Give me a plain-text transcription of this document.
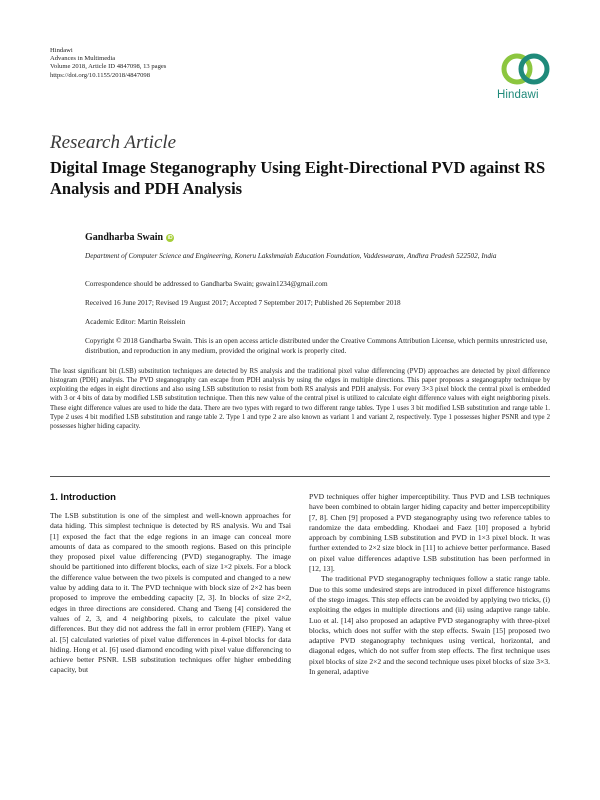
Hindawi
Advances in Multimedia
Volume 2018, Article ID 4847098, 13 pages
https://doi.org/10.1155/2018/4847098
Hindawi
Research Article
Digital Image Steganography Using Eight-Directional PVD against RS Analysis and PDH Analysis
Gandharba Swain iD
Department of Computer Science and Engineering, Koneru Lakshmaiah Education Foundation, Vaddeswaram, Andhra Pradesh 522502, India
Correspondence should be addressed to Gandharba Swain; gswain1234@gmail.com
Received 16 June 2017; Revised 19 August 2017; Accepted 7 September 2017; Published 26 September 2018
Academic Editor: Martin Reisslein
Copyright © 2018 Gandharba Swain. This is an open access article distributed under the Creative Commons Attribution License, which permits unrestricted use, distribution, and reproduction in any medium, provided the original work is properly cited.
The least significant bit (LSB) substitution techniques are detected by RS analysis and the traditional pixel value differencing (PVD) approaches are detected by pixel difference histogram (PDH) analysis. The PVD steganography can escape from PDH analysis by using the edges in multiple directions. This paper proposes a steganography technique by exploiting the edges in eight directions and also using LSB substitution to resist from both RS analysis and PDH analysis. For every 3×3 pixel block the central pixel is embedded with 3 or 4 bits of data by modified LSB substitution technique. Then this new value of the central pixel is utilized to calculate eight difference values with eight neighboring pixels. These eight difference values are used to hide the data. There are two types with regard to two different range tables. Type 1 uses 3 bit modified LSB substitution and range table 1. Type 2 uses 4 bit modified LSB substitution and range table 2. Type 1 and type 2 are also known as variant 1 and variant 2, respectively. Type 1 possesses higher PSNR and type 2 possesses higher hiding capacity.
1. Introduction

The LSB substitution is one of the simplest and well-known approaches for data hiding. This simplest technique is detected by RS analysis. Wu and Tsai [1] exposed the fact that the edge regions in an image can conceal more amounts of data as compared to the smooth regions. Based on this principle they proposed pixel value differencing (PVD) steganography. The image should be partitioned into different blocks, each of size 1×2 pixels. For a block the difference value between the two pixels is computed and changed to a new value by adding data to it. The PVD technique with block size of 2×2 has been proposed to improve the embedding capacity [2, 3]. In blocks of size 2×2, edges in three directions are considered. Chang and Tseng [4] considered the values of 2, 3, and 4 neighboring pixels, to calculate the pixel value differences. But they did not address the fall in error problem (FIEP). Yang et al. [5] calculated varieties of pixel value differences in 4-pixel blocks for data hiding. Hong et al. [6] used diamond encoding with pixel value differencing to achieve better PSNR. LSB substitution techniques offer higher embedding capacity, but

PVD techniques offer higher imperceptibility. Thus PVD and LSB techniques have been combined to obtain larger hiding capacity and better imperceptibility [7, 8]. Chen [9] proposed a PVD steganography using two reference tables to randomize the data embedding. Khodaei and Faez [10] proposed a hybrid approach by combining LSB substitution and PVD in 1×3 pixel block. It was further extended to 2×2 size block in [11] to achieve better performance. Based on pixel value differences adaptive LSB substitution has been performed in [12, 13].

The traditional PVD steganography techniques follow a static range table. Due to this some undesired steps are introduced in pixel difference histograms of the stego images. This step effects can be avoided by applying two tricks, (i) exploiting the edges in multiple directions and (ii) using adaptive range table. Luo et al. [14] also proposed an adaptive PVD steganography with three-pixel blocks, which does not suffer with the step effects. Swain [15] proposed two adaptive PVD steganography techniques using vertical, horizontal, and diagonal edges, which do not suffer from step effects. The first technique uses pixel blocks of size 2×2 and the second technique uses pixel blocks of size 3×3. In general, adaptive
